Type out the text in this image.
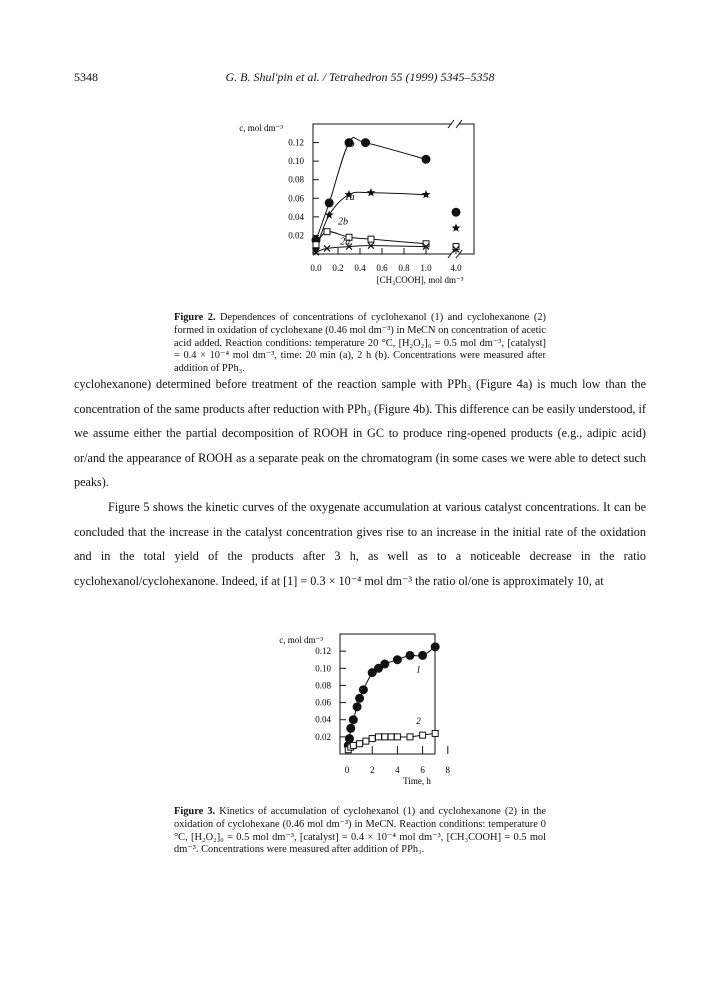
5348	G. B. Shul'pin et al. / Tetrahedron 55 (1999) 5345–5358
c, mol dm⁻³
[CH₃COOH], mol dm⁻³
0.12
0.10
0.08
0.06
0.04
0.02
0.0 0.2 0.4 0.6 0.8 1.0 4.0
1b
1a
2b
2a
Figure 2. Dependences of concentrations of cyclohexanol (1) and cyclohexanone (2) formed in oxidation of cyclohexane (0.46 mol dm⁻³) in MeCN on concentration of acetic acid added. Reaction conditions: temperature 20 °C, [H₂O₂]₀ = 0.5 mol dm⁻³, [catalyst] = 0.4 × 10⁻⁴ mol dm⁻³, time: 20 min (a), 2 h (b). Concentrations were measured after addition of PPh₃.

cyclohexanone) determined before treatment of the reaction sample with PPh₃ (Figure 4a) is much low than the concentration of the same products after reduction with PPh₃ (Figure 4b). This difference can be easily understood, if we assume either the partial decomposition of ROOH in GC to produce ring-opened products (e.g., adipic acid) or/and the appearance of ROOH as a separate peak on the chromatogram (in some cases we were able to detect such peaks).

Figure 5 shows the kinetic curves of the oxygenate accumulation at various catalyst concentrations. It can be concluded that the increase in the catalyst concentration gives rise to an increase in the initial rate of the oxidation and in the total yield of the products after 3 h, as well as to a noticeable decrease in the ratio cyclohexanol/cyclohexanone. Indeed, if at [1] = 0.3 × 10⁻⁴ mol dm⁻³ the ratio ol/one is approximately 10, at

c, mol dm⁻³
Time, h
0.12
0.10
0.08
0.06
0.04
0.02
0 2 4 6 8
1
2
Figure 3. Kinetics of accumulation of cyclohexanol (1) and cyclohexanone (2) in the oxidation of cyclohexane (0.46 mol dm⁻³) in MeCN. Reaction conditions: temperature 0 °C, [H₂O₂]₀ = 0.5 mol dm⁻³, [catalyst] = 0.4 × 10⁻⁴ mol dm⁻³, [CH₃COOH] = 0.5 mol dm⁻³. Concentrations were measured after addition of PPh₃.
